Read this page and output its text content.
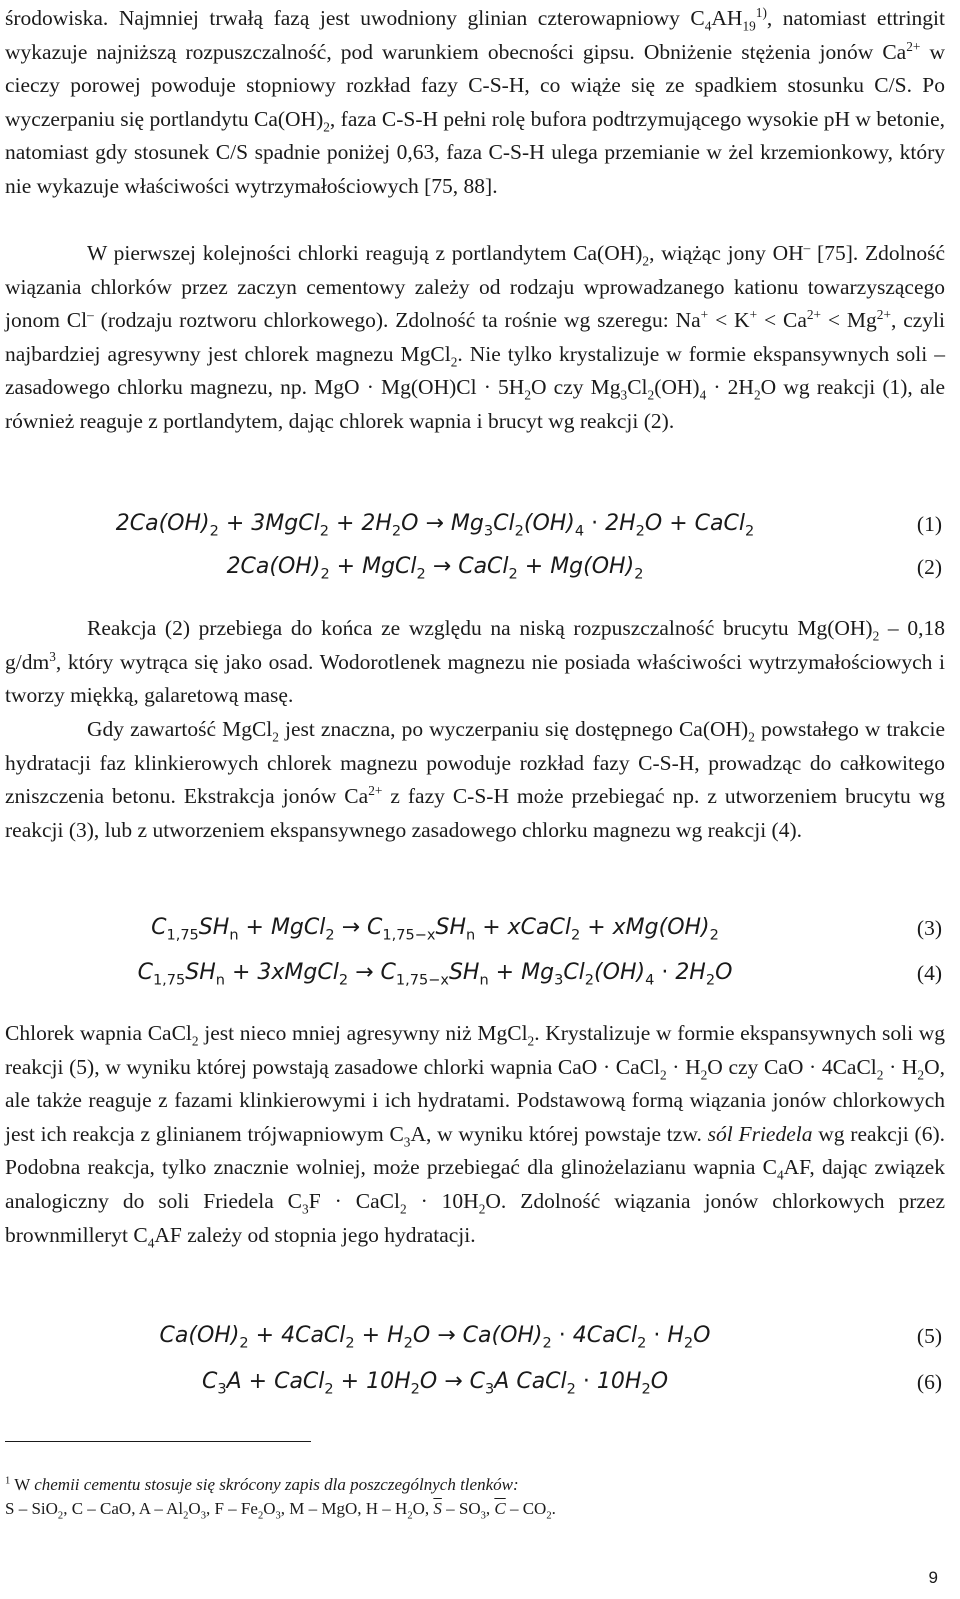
środowiska. Najmniej trwałą fazą jest uwodniony glinian czterowapniowy $C_4AH_{19}^{1)}$, natomiast ettringit wykazuje najniższą rozpuszczalność, pod warunkiem obecności gipsu. Obniżenie stężenia jonów $Ca^{2+}$ w cieczy porowej powoduje stopniowy rozkład fazy C-S-H, co wiąże się ze spadkiem stosunku C/S. Po wyczerpaniu się portlandytu $Ca(OH)_2$, faza C-S-H pełni rolę bufora podtrzymującego wysokie pH w betonie, natomiast gdy stosunek C/S spadnie poniżej 0,63, faza C-S-H ulega przemianie w żel krzemionkowy, który nie wykazuje właściwości wytrzymałościowych [75, 88].

W pierwszej kolejności chlorki reagują z portlandytem $Ca(OH)_2$, wiążąc jony OH– [75]. Zdolność wiązania chlorków przez zaczyn cementowy zależy od rodzaju wprowadzanego kationu towarzyszącego jonom Cl– (rodzaju roztworu chlorkowego). Zdolność ta rośnie wg szeregu: $Na^+ < K^+ < Ca^{2+} < Mg^{2+}$, czyli najbardziej agresywny jest chlorek magnezu MgCl$_2$. Nie tylko krystalizuje w formie ekspansywnych soli – zasadowego chlorku magnezu, np. MgO · $Mg(OH)Cl \cdot 5H_2O$ czy $Mg_3Cl_2(OH)_4 \cdot 2H_2O$ wg reakcji (1), ale również reaguje z portlandytem, dając chlorek wapnia i brucyt wg reakcji (2).

$2Ca(OH)_2$ + 3MgCl$_2$ + $2H_2O \to Mg_3Cl_2(OH)_4 \cdot 2H_2O$ + CaCl$_2$	(1)
$2Ca(OH)_2$ + MgCl$_2$ → CaCl$_2$ + $Mg(OH)_2$	(2)

Reakcja (2) przebiega do końca ze względu na niską rozpuszczalność brucytu $Mg(OH)_2 - 0,18$ $g/dm^3$, który wytrąca się jako osad. Wodorotlenek magnezu nie posiada właściwości wytrzymałościowych i tworzy miękką, galaretową masę.

Gdy zawartość MgCl$_2$ jest znaczna, po wyczerpaniu się dostępnego $Ca(OH)_2$ powstałego w trakcie hydratacji faz klinkierowych chlorek magnezu powoduje rozkład fazy C-S-H, prowadząc do całkowitego zniszczenia betonu. Ekstrakcja jonów $Ca^{2+}$ z fazy C-S-H może przebiegać np. z utworzeniem brucytu wg reakcji (3), lub z utworzeniem ekspansywnego zasadowego chlorku magnezu wg reakcji (4).

$C_{1,75}SH_n$ + MgCl$_2$ → $C_{1,75-x}SH_n$ + xCaCl$_2$ + $xMg(OH)_2$	(3)
$C_{1,75}SH_n$ + 3xMgCl$_2$ → $C_{1,75-x}SH_n + Mg_3Cl_2(OH)_4 \cdot 2H_2O$	(4)

Chlorek wapnia CaCl$_2$ jest nieco mniej agresywny niż MgCl$_2$. Krystalizuje w formie ekspansywnych soli wg reakcji (5), w wyniku której powstają zasadowe chlorki wapnia CaO · CaCl$_2$ · $H_2O$ czy CaO · 4CaCl$_2$ · $H_2O$, ale także reaguje z fazami klinkierowymi i ich hydratami. Podstawową formą wiązania jonów chlorkowych jest ich reakcja z glinianem trójwapniowym $C_3A$, w wyniku której powstaje tzw. sól Friedela wg reakcji (6). Podobna reakcja, tylko znacznie wolniej, może przebiegać dla glinożelazianu wapnia $C_4AF$, dając związek analogiczny do soli Friedela $C_3F$ · CaCl$_2$ · $10H_2O$. Zdolność wiązania jonów chlorkowych przez brownmilleryt $C_4AF$ zależy od stopnia jego hydratacji.

$Ca(OH)_2$ + 4CaCl$_2$ + $H_2O \to Ca(OH)_2$ · 4CaCl$_2$ · $H_2O$	(5)
$C_3A$ + CaCl$_2$ + $10H_2O \to C_3A$ CaCl$_2$ · $10H_2O$	(6)

$^1$ W chemii cementu stosuje się skrócony zapis dla poszczególnych tlenków:

S – SiO$_2$, C – CaO, A – $Al_2O_3$, F – $Fe_2O_3$, M – MgO, H – $H_2O$, $\overline{S} - SO_3$, $\overline{C} - CO_2$.

9
